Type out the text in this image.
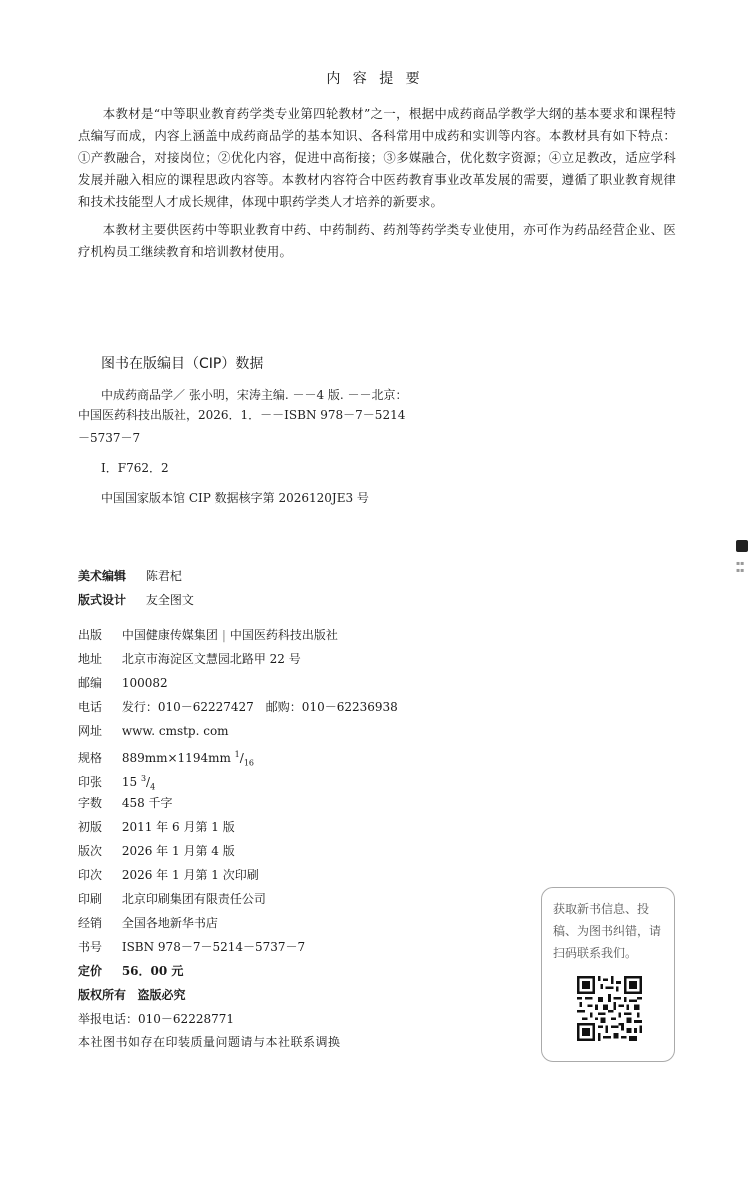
内 容 提 要
本教材是“中等职业教育药学类专业第四轮教材”之一，根据中成药商品学教学大纲的基本要求和课程特点编写而成，内容上涵盖中成药商品学的基本知识、各科常用中成药和实训等内容。本教材具有如下特点：①产教融合，对接岗位；②优化内容，促进中高衔接；③多媒融合，优化数字资源；④立足教改，适应学科发展并融入相应的课程思政内容等。本教材内容符合中医药教育事业改革发展的需要，遵循了职业教育规律和技术技能型人才成长规律，体现中职药学类人才培养的新要求。
本教材主要供医药中等职业教育中药、中药制药、药剂等药学类专业使用，亦可作为药品经营企业、医疗机构员工继续教育和培训教材使用。
图书在版编目（CIP）数据
中成药商品学／ 张小明，宋涛主编. －－4 版. －－北京：
中国医药科技出版社，2026．1．－－ISBN 978－7－5214
－5737－7
Ⅰ．F762．2
中国国家版本馆 CIP 数据核字第 2026120JE3 号
美术编辑 陈君杞
版式设计 友全图文
出版 中国健康传媒集团 | 中国医药科技出版社
地址 北京市海淀区文慧园北路甲 22 号
邮编 100082
电话 发行：010－62227427　邮购：010－62236938
网址 www. cmstp. com
规格 889mm×1194mm $^1/_{16}$
印张 15 $^3/_4$
字数 458 千字
初版 2011 年 6 月第 1 版
版次 2026 年 1 月第 4 版
印次 2026 年 1 月第 1 次印刷
印刷 北京印刷集团有限责任公司
经销 全国各地新华书店
书号 ISBN 978－7－5214－5737－7
定价 56．00 元
版权所有 盗版必究
举报电话：010－62228771
本社图书如存在印装质量问题请与本社联系调换
获取新书信息、投稿、为图书纠错，请扫码联系我们。
▪▪
▪▪
